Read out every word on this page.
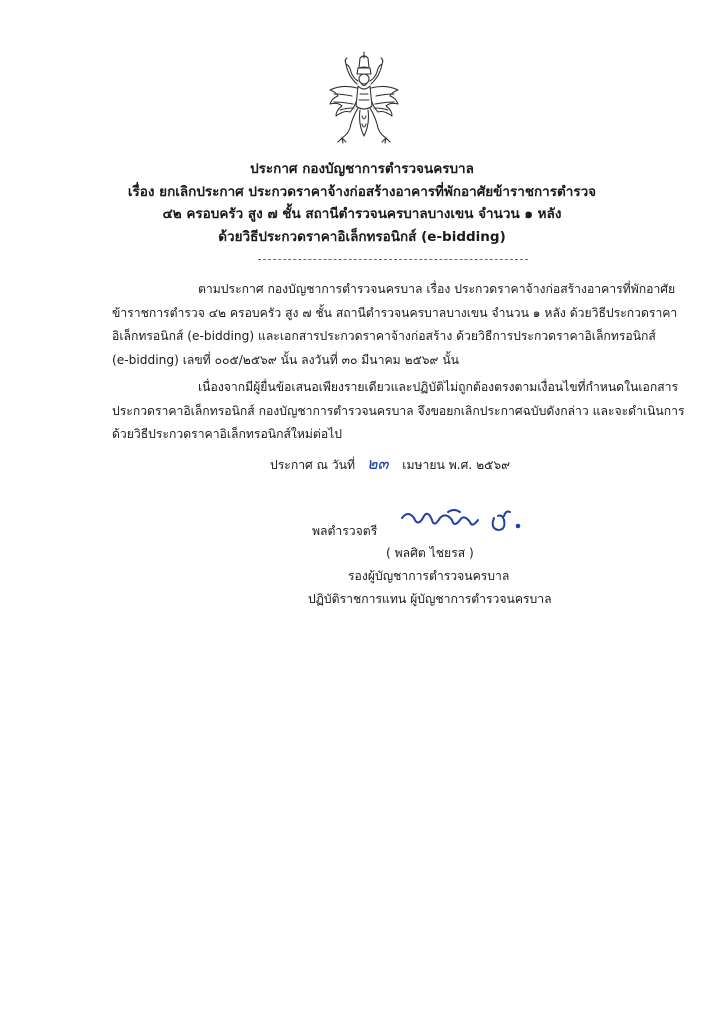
ประกาศ กองบัญชาการตำรวจนครบาล
เรื่อง ยกเลิกประกาศ ประกวดราคาจ้างก่อสร้างอาคารที่พักอาศัยข้าราชการตำรวจ
๔๒ ครอบครัว สูง ๗ ชั้น สถานีตำรวจนครบาลบางเขน จำนวน ๑ หลัง
ด้วยวิธีประกวดราคาอิเล็กทรอนิกส์ (e-bidding)
ตามประกาศ กองบัญชาการตำรวจนครบาล เรื่อง ประกวดราคาจ้างก่อสร้างอาคารที่พักอาศัย
ข้าราชการตำรวจ ๔๒ ครอบครัว สูง ๗ ชั้น สถานีตำรวจนครบาลบางเขน จำนวน ๑ หลัง ด้วยวิธีประกวดราคา
อิเล็กทรอนิกส์ (e-bidding) และเอกสารประกวดราคาจ้างก่อสร้าง ด้วยวิธีการประกวดราคาอิเล็กทรอนิกส์
(e-bidding) เลขที่ ๐๐๕/๒๕๖๙ นั้น ลงวันที่ ๓๐ มีนาคม ๒๕๖๙ นั้น
เนื่องจากมีผู้ยื่นข้อเสนอเพียงรายเดียวและปฏิบัติไม่ถูกต้องตรงตามเงื่อนไขที่กำหนดในเอกสาร
ประกวดราคาอิเล็กทรอนิกส์ กองบัญชาการตำรวจนครบาล จึงขอยกเลิกประกาศฉบับดังกล่าว และจะดำเนินการ
ด้วยวิธีประกวดราคาอิเล็กทรอนิกส์ใหม่ต่อไป
ประกาศ ณ วันที่ ๒๓ เมษายน พ.ศ. ๒๕๖๙
พลตำรวจตรี
( พลศิต ไชยรส )
รองผู้บัญชาการตำรวจนครบาล
ปฏิบัติราชการแทน ผู้บัญชาการตำรวจนครบาล
